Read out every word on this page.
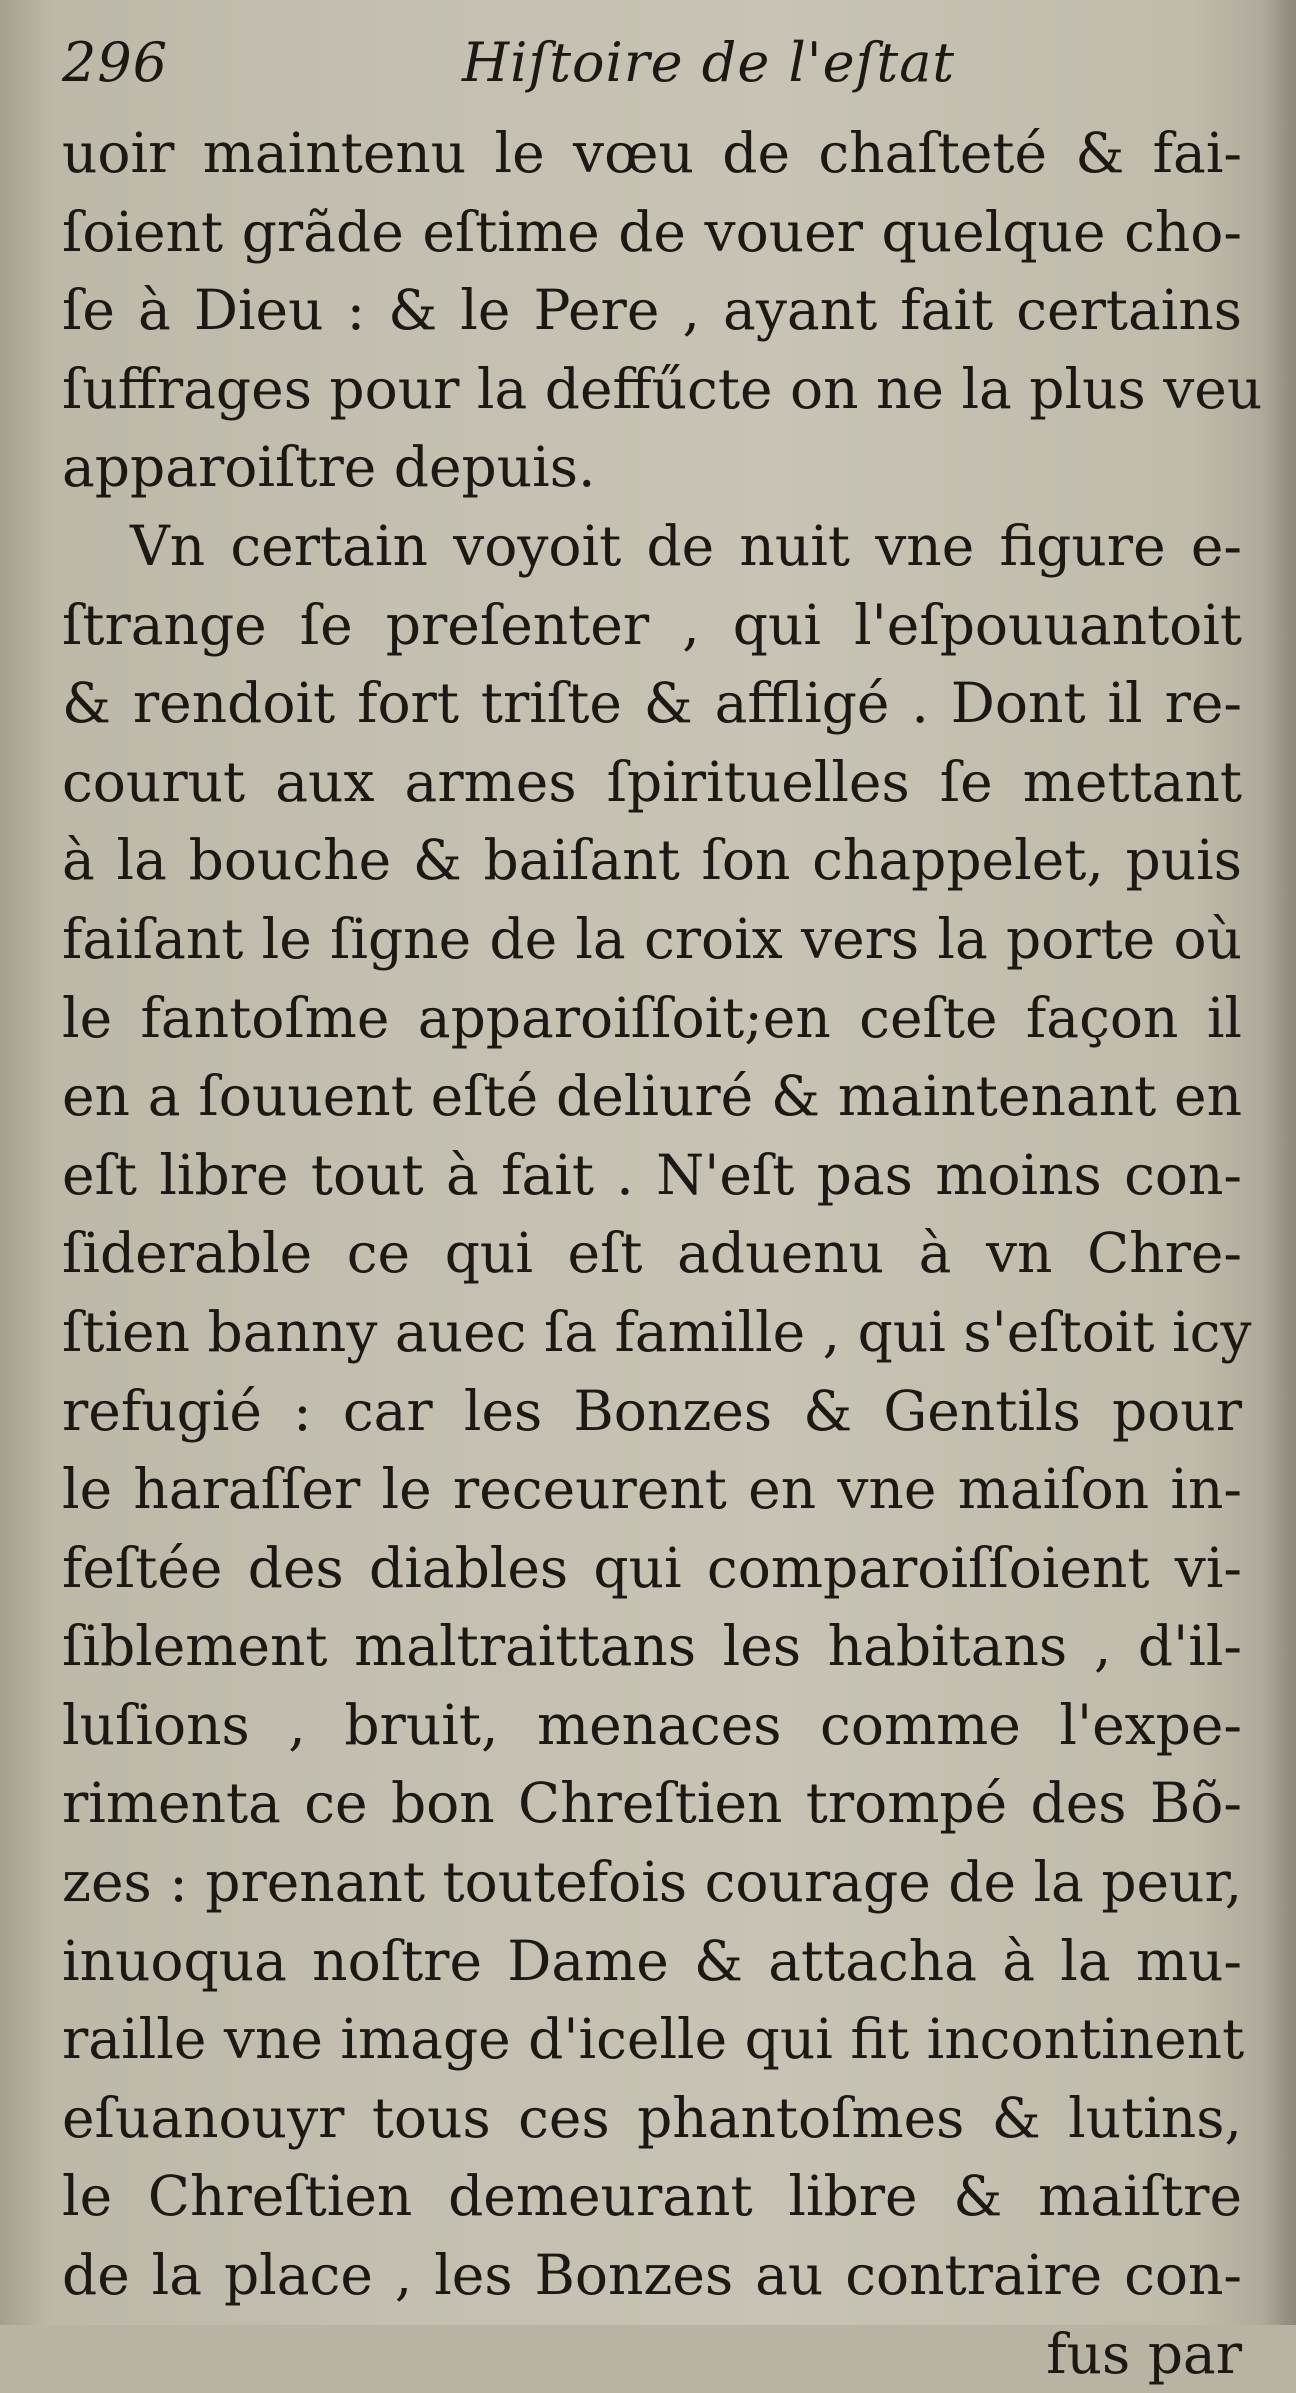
296	Hiſtoire de l'eſtat
uoir maintenu le vœu de chaſteté & fai-
ſoient grãde eſtime de vouer quelque cho-
ſe à Dieu : & le Pere , ayant fait certains
ſuffrages pour la deffűcte on ne la plus veu
apparoiſtre depuis.
Vn certain voyoit de nuit vne figure e-
ſtrange ſe preſenter , qui l'eſpouuantoit
& rendoit fort triſte & affligé . Dont il re-
courut aux armes ſpirituelles ſe mettant
à la bouche & baiſant ſon chappelet, puis
faiſant le ſigne de la croix vers la porte où
le fantoſme apparoiſſoit;en ceſte façon il
en a ſouuent eſté deliuré & maintenant en
eſt libre tout à fait . N'eſt pas moins con-
ſiderable ce qui eſt aduenu à vn Chre-
ſtien banny auec ſa famille , qui s'eſtoit icy
refugié : car les Bonzes & Gentils pour
le haraſſer le receurent en vne maiſon in-
feſtée des diables qui comparoiſſoient vi-
ſiblement maltraittans les habitans , d'il-
luſions , bruit, menaces comme l'expe-
rimenta ce bon Chreſtien trompé des Bõ-
zes : prenant toutefois courage de la peur,
inuoqua noſtre Dame & attacha à la mu-
raille vne image d'icelle qui fit incontinent
eſuanouyr tous ces phantoſmes & lutins,
le Chreſtien demeurant libre & maiſtre
de la place , les Bonzes au contraire con-
fus par
